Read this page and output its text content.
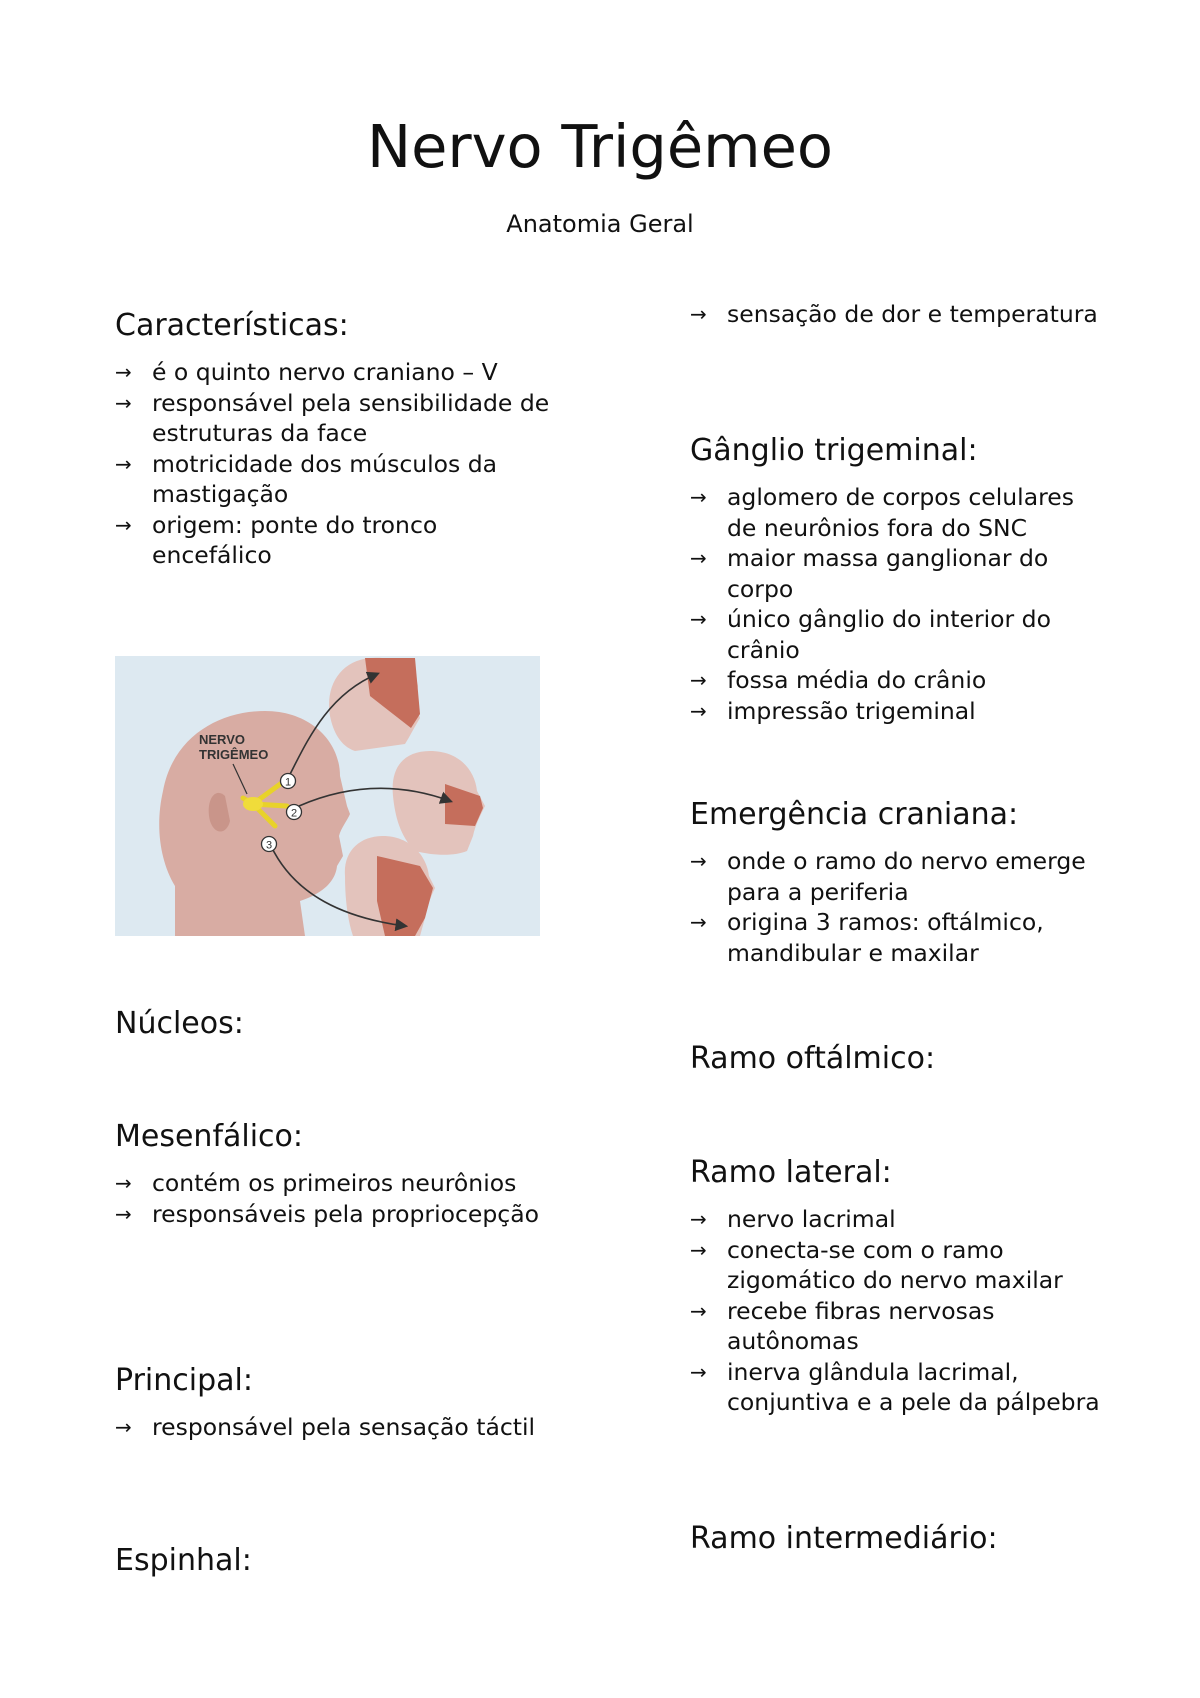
Nervo Trigêmeo
Anatomia Geral
Características:
→ é o quinto nervo craniano – V
→ responsável pela sensibilidade de estruturas da face
→ motricidade dos músculos da mastigação
→ origem: ponte do tronco encefálico
NERVO
TRIGÊMEO
1
2
3
Núcleos:
Mesenfálico:
→ contém os primeiros neurônios
→ responsáveis pela propriocepção
Principal:
→ responsável pela sensação táctil
Espinhal:
→ sensação de dor e temperatura
Gânglio trigeminal:
→ aglomero de corpos celulares de neurônios fora do SNC
→ maior massa ganglionar do corpo
→ único gânglio do interior do crânio
→ fossa média do crânio
→ impressão trigeminal
Emergência craniana:
→ onde o ramo do nervo emerge para a periferia
→ origina 3 ramos: oftálmico, mandibular e maxilar
Ramo oftálmico:
Ramo lateral:
→ nervo lacrimal
→ conecta-se com o ramo zigomático do nervo maxilar
→ recebe fibras nervosas autônomas
→ inerva glândula lacrimal, conjuntiva e a pele da pálpebra
Ramo intermediário:
